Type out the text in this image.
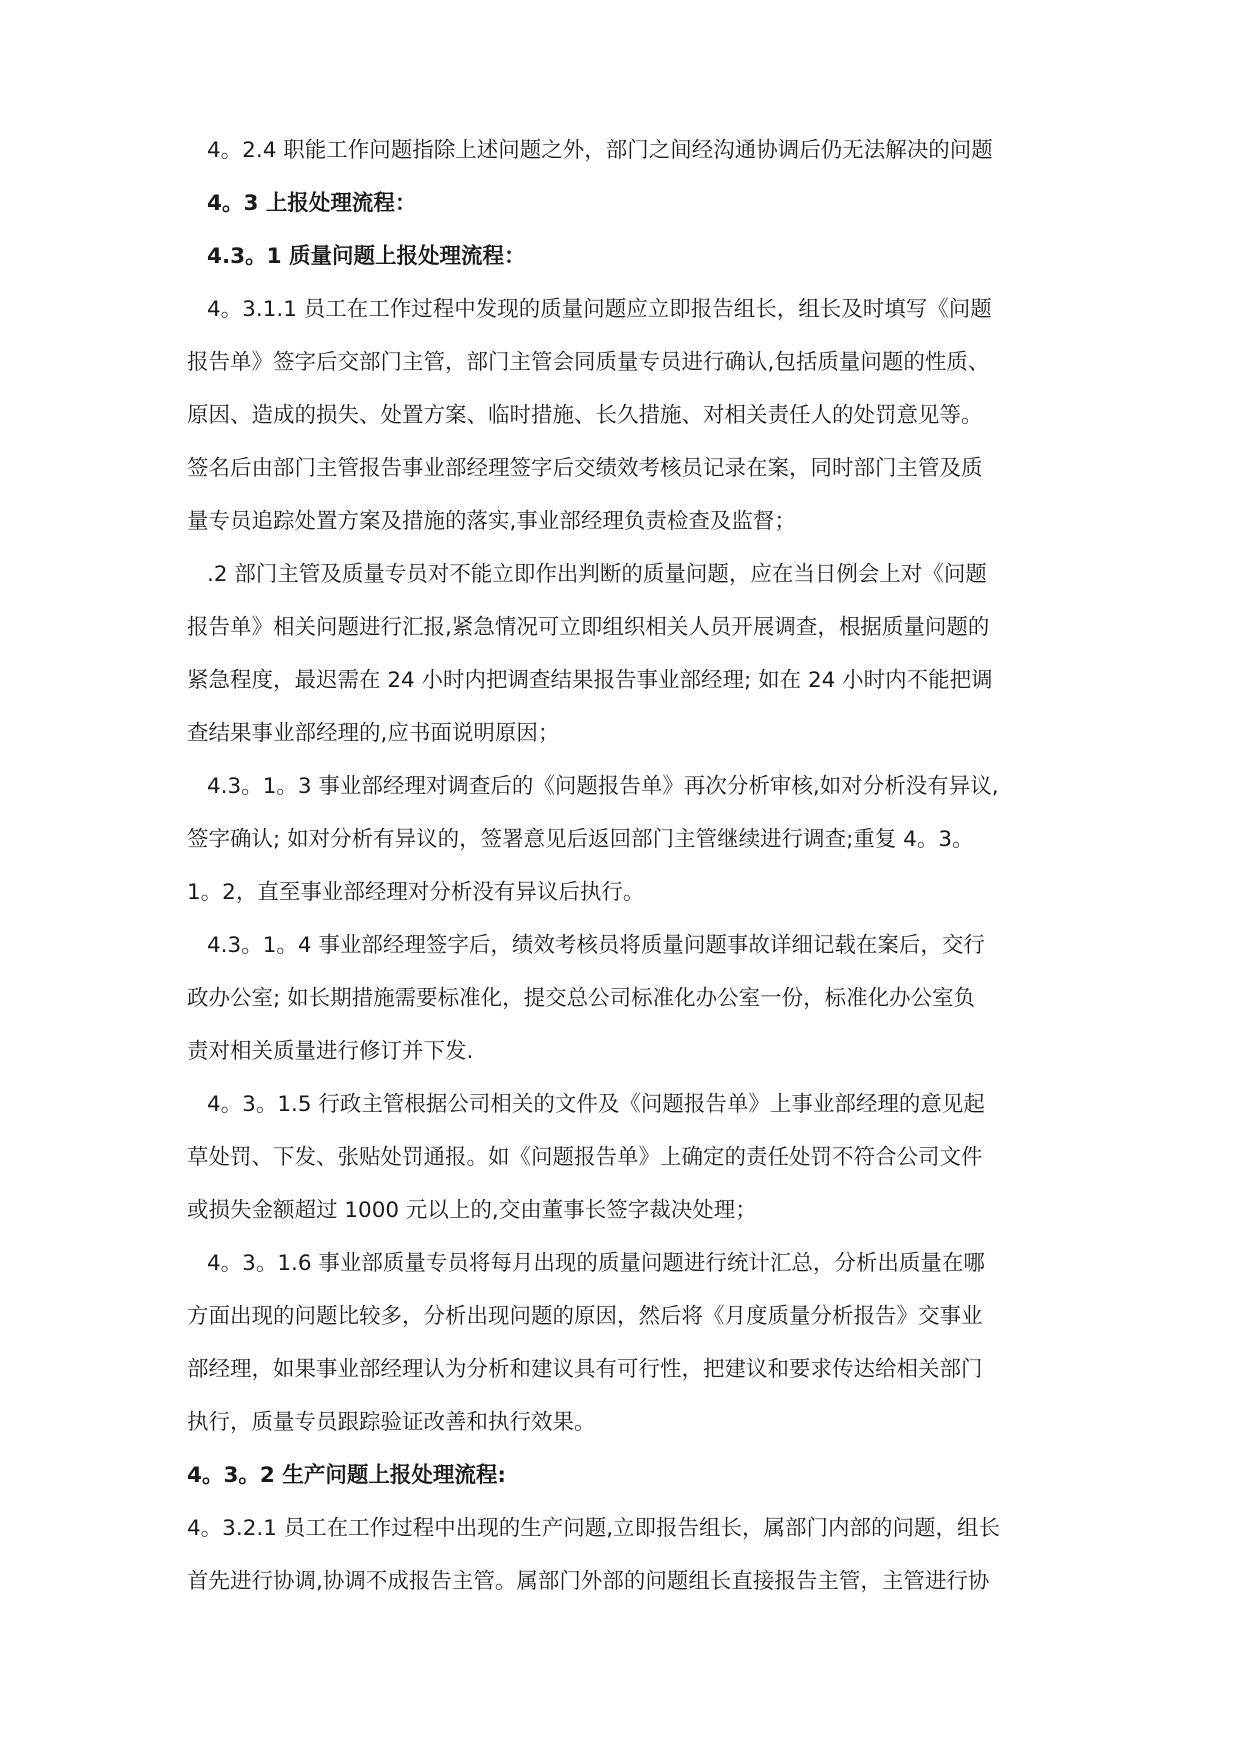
4。2.4 职能工作问题指除上述问题之外，部门之间经沟通协调后仍无法解决的问题

4。3 上报处理流程：

4.3。1 质量问题上报处理流程：

4。3.1.1 员工在工作过程中发现的质量问题应立即报告组长，组长及时填写《问题
报告单》签字后交部门主管，部门主管会同质量专员进行确认,包括质量问题的性质、
原因、造成的损失、处置方案、临时措施、长久措施、对相关责任人的处罚意见等。
签名后由部门主管报告事业部经理签字后交绩效考核员记录在案，同时部门主管及质
量专员追踪处置方案及措施的落实,事业部经理负责检查及监督；

.2 部门主管及质量专员对不能立即作出判断的质量问题，应在当日例会上对《问题
报告单》相关问题进行汇报,紧急情况可立即组织相关人员开展调查，根据质量问题的
紧急程度，最迟需在 24 小时内把调查结果报告事业部经理; 如在 24 小时内不能把调
查结果事业部经理的,应书面说明原因；

4.3。1。3 事业部经理对调查后的《问题报告单》再次分析审核,如对分析没有异议,
签字确认; 如对分析有异议的，签署意见后返回部门主管继续进行调查;重复 4。3。
1。2，直至事业部经理对分析没有异议后执行。

4.3。1。4 事业部经理签字后，绩效考核员将质量问题事故详细记载在案后，交行
政办公室; 如长期措施需要标准化，提交总公司标准化办公室一份，标准化办公室负
责对相关质量进行修订并下发.

4。3。1.5 行政主管根据公司相关的文件及《问题报告单》上事业部经理的意见起
草处罚、下发、张贴处罚通报。如《问题报告单》上确定的责任处罚不符合公司文件
或损失金额超过 1000 元以上的,交由董事长签字裁决处理；

4。3。1.6 事业部质量专员将每月出现的质量问题进行统计汇总，分析出质量在哪
方面出现的问题比较多，分析出现问题的原因，然后将《月度质量分析报告》交事业
部经理，如果事业部经理认为分析和建议具有可行性，把建议和要求传达给相关部门
执行，质量专员跟踪验证改善和执行效果。

4。3。2 生产问题上报处理流程:

4。3.2.1 员工在工作过程中出现的生产问题,立即报告组长，属部门内部的问题，组长
首先进行协调,协调不成报告主管。属部门外部的问题组长直接报告主管，主管进行协
